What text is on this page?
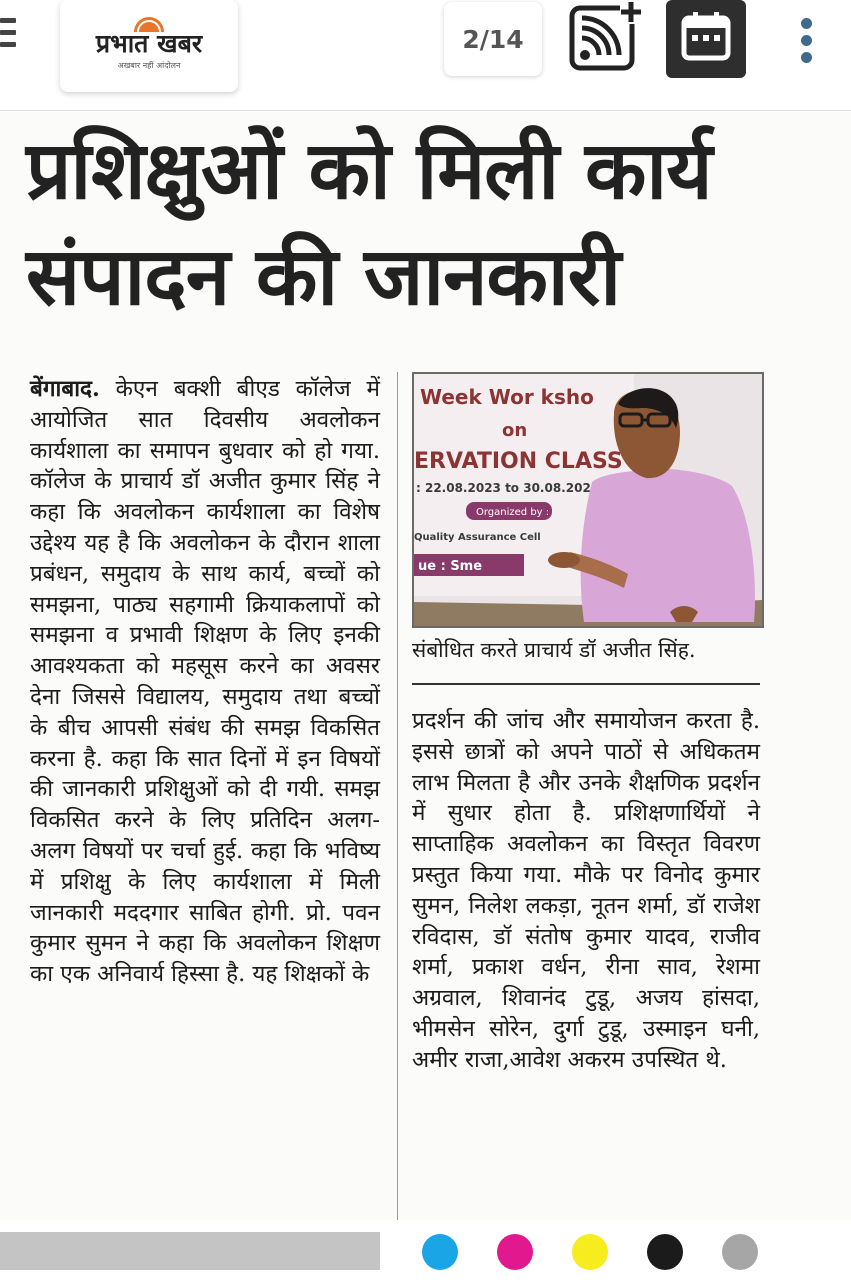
प्रभात खबर
अखबार नहीं आंदोलन
2/14
प्रशिक्षुओं को मिली कार्य
संपादन की जानकारी
बेंगाबाद. केएन बक्शी बीएड कॉलेज में आयोजित सात दिवसीय अवलोकन कार्यशाला का समापन बुधवार को हो गया. कॉलेज के प्राचार्य डॉ अजीत कुमार सिंह ने कहा कि अवलोकन कार्यशाला का विशेष उद्देश्य यह है कि अवलोकन के दौरान शाला प्रबंधन, समुदाय के साथ कार्य, बच्चों को समझना, पाठ्य सहगामी क्रियाकलापों को समझना व प्रभावी शिक्षण के लिए इनकी आवश्यकता को महसूस करने का अवसर देना जिससे विद्यालय, समुदाय तथा बच्चों के बीच आपसी संबंध की समझ विकसित करना है. कहा कि सात दिनों में इन विषयों की जानकारी प्रशिक्षुओं को दी गयी. समझ विकसित करने के लिए प्रतिदिन अलग-अलग विषयों पर चर्चा हुई. कहा कि भविष्य में प्रशिक्षु के लिए कार्यशाला में मिली जानकारी मददगार साबित होगी. प्रो. पवन कुमार सुमन ने कहा कि अवलोकन शिक्षण का एक अनिवार्य हिस्सा है. यह शिक्षकों के
Week Wor ksho
on
ERVATION CLASS
: 22.08.2023 to 30.08.202
Organized by :
Quality Assurance Cell
ue : Sme
संबोधित करते प्राचार्य डॉ अजीत सिंह.
प्रदर्शन की जांच और समायोजन करता है. इससे छात्रों को अपने पाठों से अधिकतम लाभ मिलता है और उनके शैक्षणिक प्रदर्शन में सुधार होता है. प्रशिक्षणार्थियों ने साप्ताहिक अवलोकन का विस्तृत विवरण प्रस्तुत किया गया. मौके पर विनोद कुमार सुमन, निलेश लकड़ा, नूतन शर्मा, डॉ राजेश रविदास, डॉ संतोष कुमार यादव, राजीव शर्मा, प्रकाश वर्धन, रीना साव, रेशमा अग्रवाल, शिवानंद टुडू, अजय हांसदा, भीमसेन सोरेन, दुर्गा टुडू, उस्माइन घनी, अमीर राजा,आवेश अकरम उपस्थित थे.
